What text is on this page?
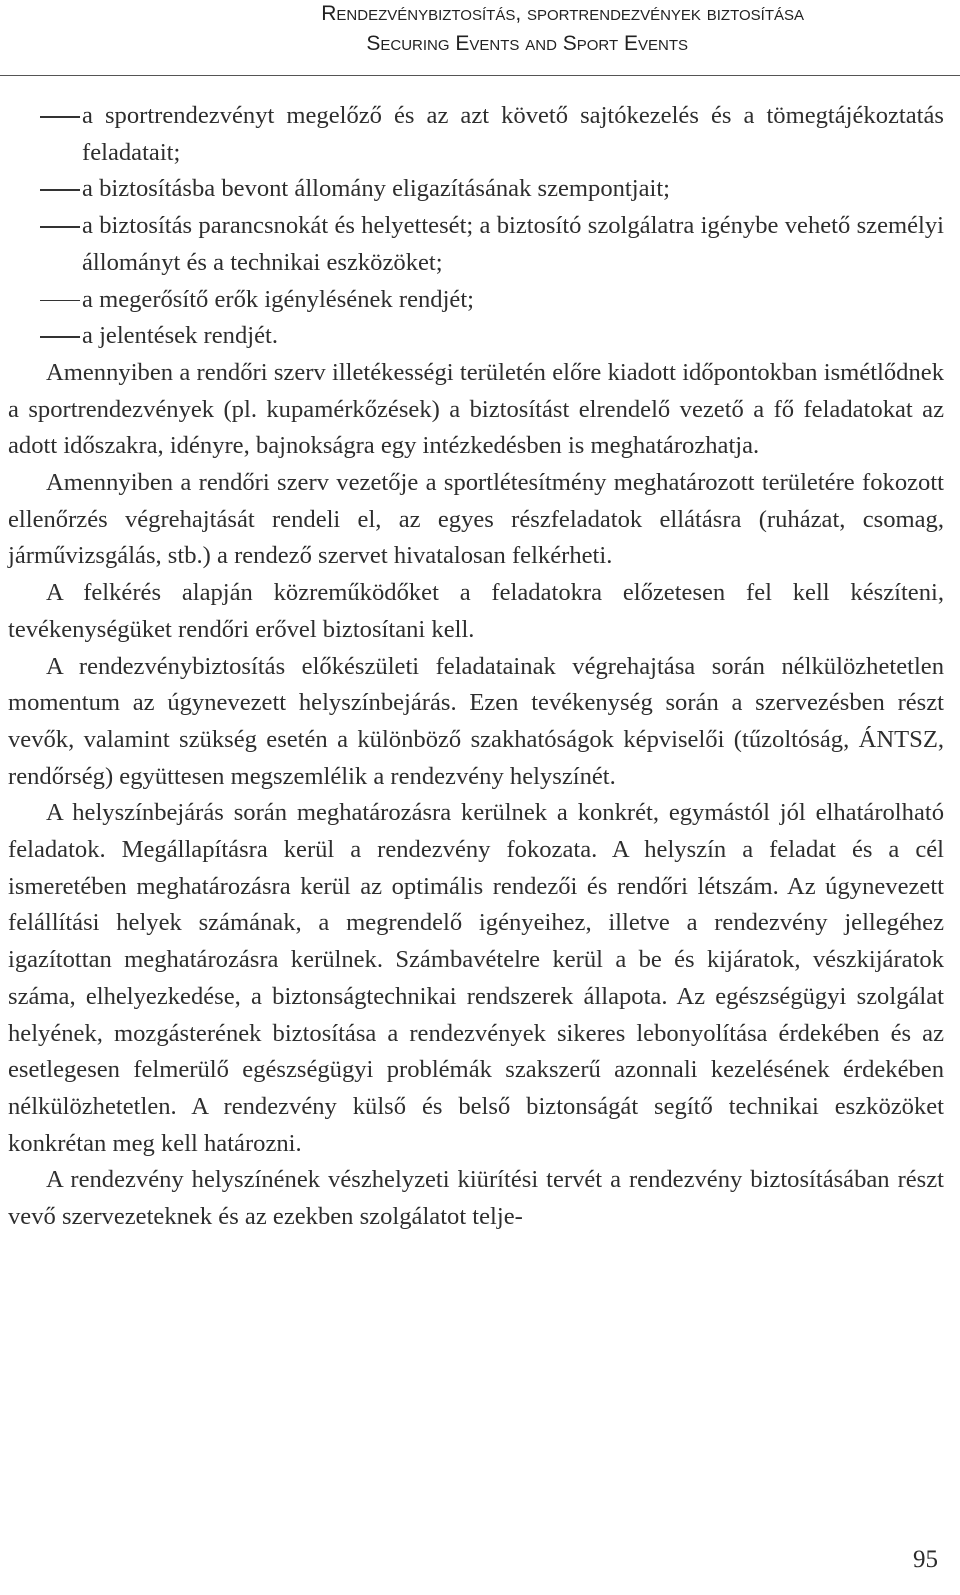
Rendezvénybiztosítás, sportrendezvények biztosítása
Securing Events and Sport Events

a sportrendezvényt megelőző és az azt követő sajtókezelés és a tömegtájékoztatás feladatait;

a biztosításba bevont állomány eligazításának szempontjait;

a biztosítás parancsnokát és helyettesét; a biztosító szolgálatra igénybe vehető személyi állományt és a technikai eszközöket;

a megerősítő erők igénylésének rendjét;

a jelentések rendjét.

Amennyiben a rendőri szerv illetékességi területén előre kiadott időpontokban ismétlődnek a sportrendezvények (pl. kupamérkőzések) a biztosítást elrendelő vezető a fő feladatokat az adott időszakra, idényre, bajnokságra egy intézkedésben is meghatározhatja.

Amennyiben a rendőri szerv vezetője a sportlétesítmény meghatározott területére fokozott ellenőrzés végrehajtását rendeli el, az egyes részfeladatok ellátásra (ruházat, csomag, járművizsgálás, stb.) a rendező szervet hivatalosan felkérheti.

A felkérés alapján közreműködőket a feladatokra előzetesen fel kell készíteni, tevékenységüket rendőri erővel biztosítani kell.

A rendezvénybiztosítás előkészületi feladatainak végrehajtása során nélkülözhetetlen momentum az úgynevezett helyszínbejárás. Ezen tevékenység során a szervezésben részt vevők, valamint szükség esetén a különböző szakhatóságok képviselői (tűzoltóság, ÁNTSZ, rendőrség) együttesen megszemlélik a rendezvény helyszínét.

A helyszínbejárás során meghatározásra kerülnek a konkrét, egymástól jól elhatárolható feladatok. Megállapításra kerül a rendezvény fokozata. A helyszín a feladat és a cél ismeretében meghatározásra kerül az optimális rendezői és rendőri létszám. Az úgynevezett felállítási helyek számának, a megrendelő igényeihez, illetve a rendezvény jellegéhez igazítottan meghatározásra kerülnek. Számbavételre kerül a be és kijáratok, vészkijáratok száma, elhelyezkedése, a biztonságtechnikai rendszerek állapota. Az egészségügyi szolgálat helyének, mozgásterének biztosítása a rendezvények sikeres lebonyolítása érdekében és az esetlegesen felmerülő egészségügyi problémák szakszerű azonnali kezelésének érdekében nélkülözhetetlen. A rendezvény külső és belső biztonságát segítő technikai eszközöket konkrétan meg kell határozni.

A rendezvény helyszínének vészhelyzeti kiürítési tervét a rendezvény biztosításában részt vevő szervezeteknek és az ezekben szolgálatot telje-

95
